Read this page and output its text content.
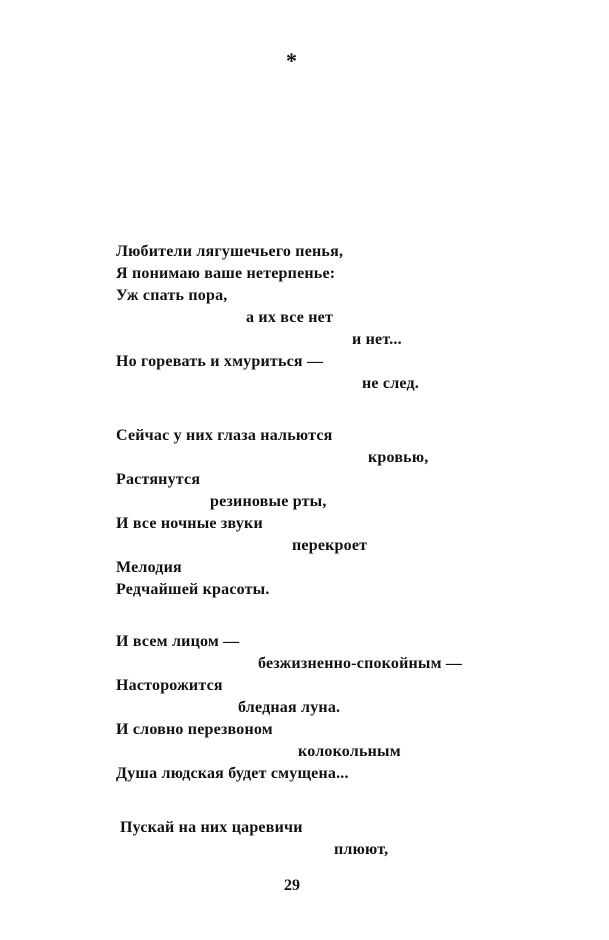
*
Любители лягушечьего пенья,
Я понимаю ваше нетерпенье:
Уж спать пора,
а их все нет
и нет...
Но горевать и хмуриться —
не след.
Сейчас у них глаза нальются
кровью,
Растянутся
резиновые рты,
И все ночные звуки
перекроет
Мелодия
Редчайшей красоты.
И всем лицом —
безжизненно-спокойным —
Насторожится
бледная луна.
И словно перезвоном
колокольным
Душа людская будет смущена...
Пускай на них царевичи
плюют,
29
